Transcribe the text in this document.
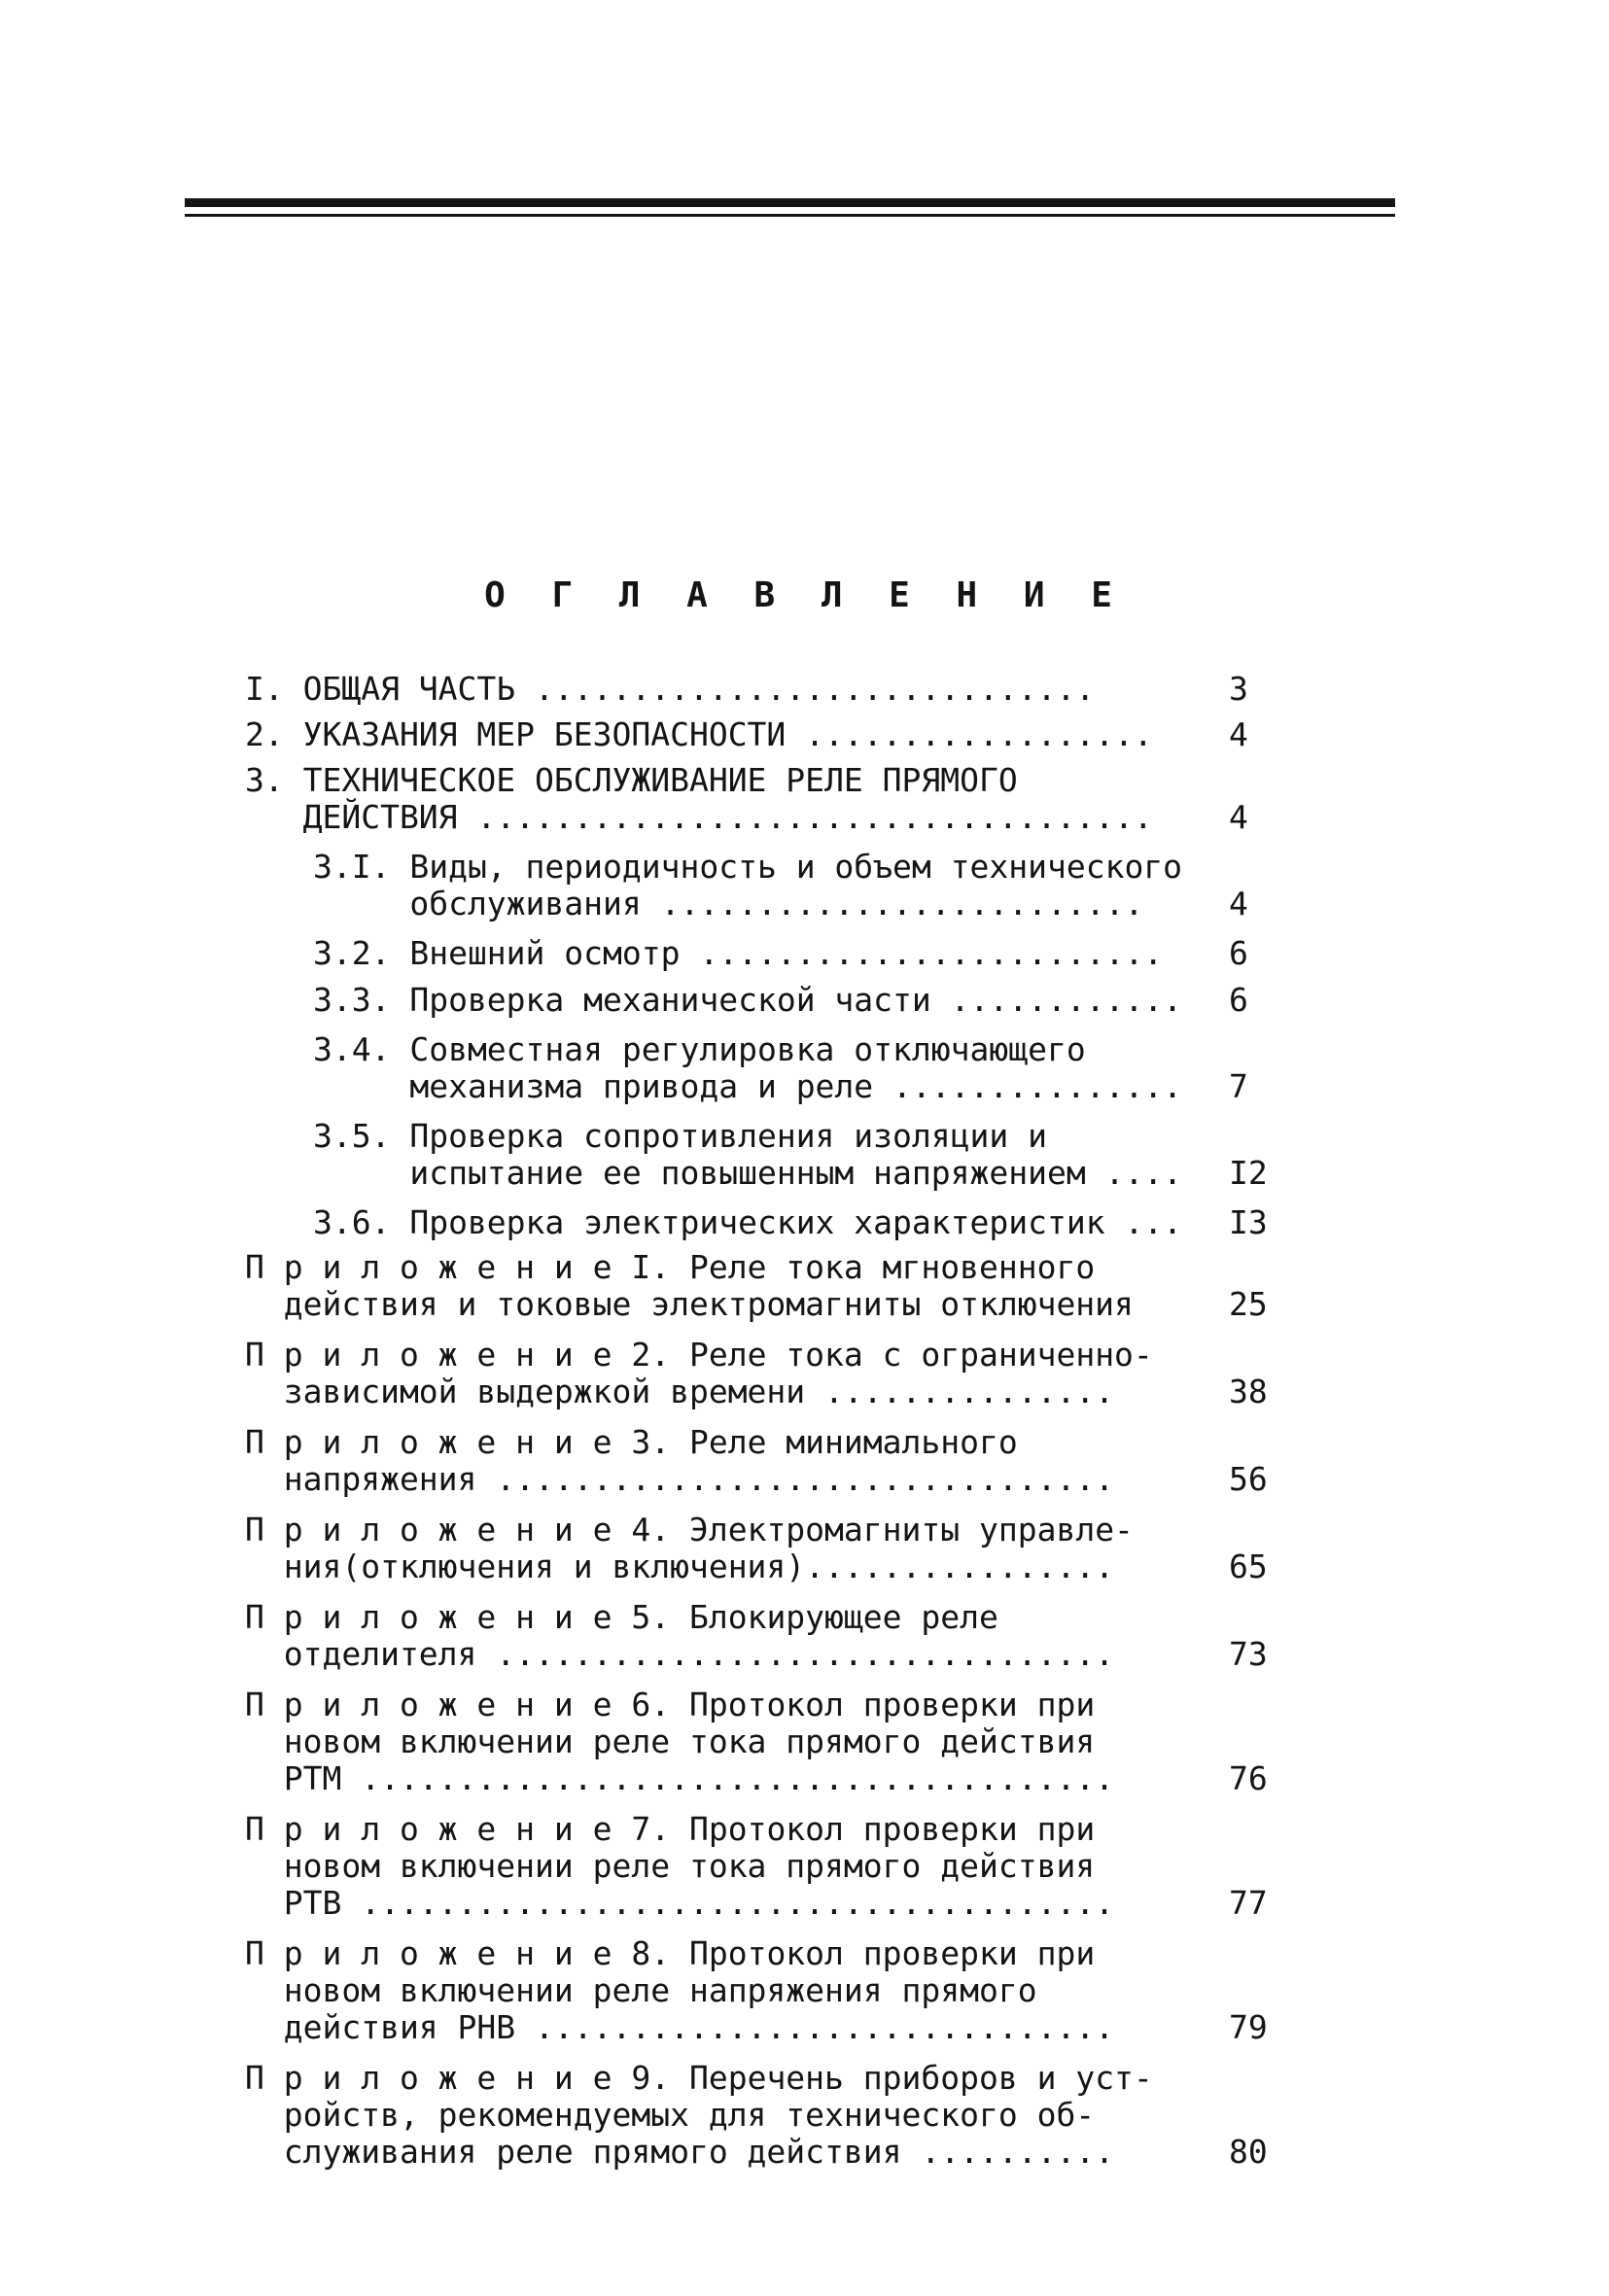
О Г Л А В Л Е Н И Е
I. ОБЩАЯ ЧАСТЬ .............................	3
2. УКАЗАНИЯ МЕР БЕЗОПАСНОСТИ ..................	4
3. ТЕХНИЧЕСКОЕ ОБСЛУЖИВАНИЕ РЕЛЕ ПРЯМОГО
ДЕЙСТВИЯ ...................................	4
3.I. Виды, периодичность и объем технического
обслуживания .........................	4
3.2. Внешний осмотр ........................	6
3.3. Проверка механической части ............	6
3.4. Совместная регулировка отключающего
механизма привода и реле ...............	7
3.5. Проверка сопротивления изоляции и
испытание ее повышенным напряжением ....	I2
3.6. Проверка электрических характеристик ...	I3
П р и л о ж е н и е I. Реле тока мгновенного
действия и токовые электромагниты отключения	25
П р и л о ж е н и е 2. Реле тока с ограниченно-
зависимой выдержкой времени ...............	38
П р и л о ж е н и е 3. Реле минимального
напряжения ................................	56
П р и л о ж е н и е 4. Электромагниты управле-
ния(отключения и включения)................	65
П р и л о ж е н и е 5. Блокирующее реле
отделителя ................................	73
П р и л о ж е н и е 6. Протокол проверки при
новом включении реле тока прямого действия
РТМ .......................................	76
П р и л о ж е н и е 7. Протокол проверки при
новом включении реле тока прямого действия
РТВ .......................................	77
П р и л о ж е н и е 8. Протокол проверки при
новом включении реле напряжения прямого
действия РНВ ..............................	79
П р и л о ж е н и е 9. Перечень приборов и уст-
ройств, рекомендуемых для технического об-
служивания реле прямого действия ..........	80
